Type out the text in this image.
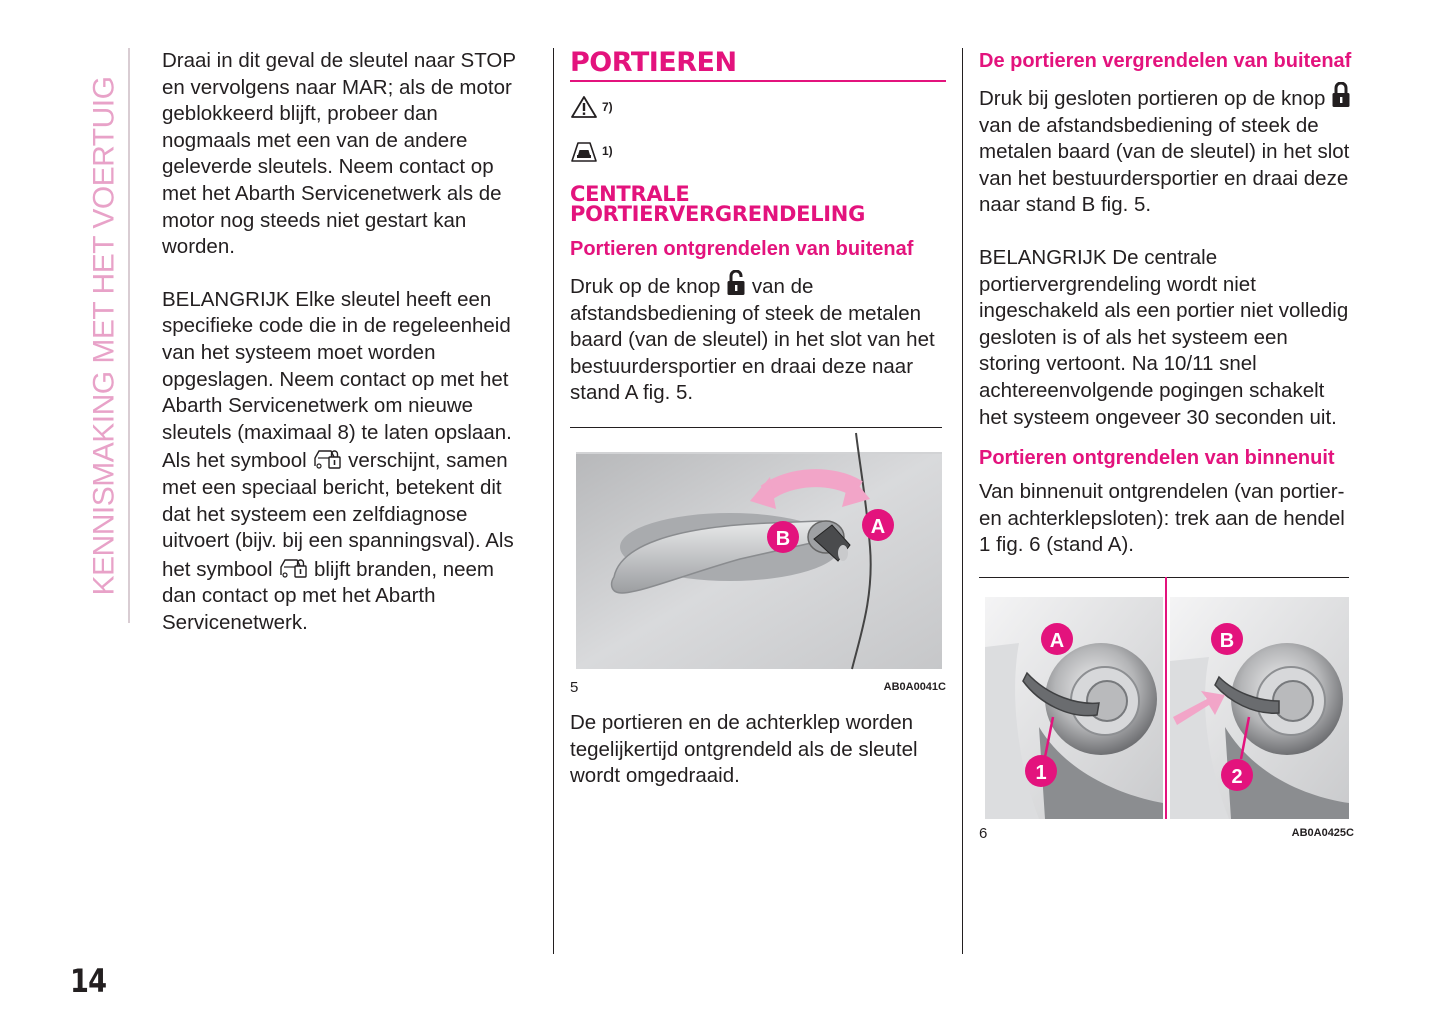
KENNISMAKING MET HET VOERTUIG

Draai in dit geval de sleutel naar STOP en vervolgens naar MAR; als de motor geblokkeerd blijft, probeer dan nogmaals met een van de andere geleverde sleutels. Neem contact op met het Abarth Servicenetwerk als de motor nog steeds niet gestart kan worden.

BELANGRIJK Elke sleutel heeft een specifieke code die in de regeleenheid van het systeem moet worden opgeslagen. Neem contact op met het Abarth Servicenetwerk om nieuwe sleutels (maximaal 8) te laten opslaan. Als het symbool verschijnt, samen met een speciaal bericht, betekent dit dat het systeem een zelfdiagnose uitvoert (bijv. bij een spanningsval). Als het symbool blijft branden, neem dan contact op met het Abarth Servicenetwerk.

PORTIEREN
7)
1)
CENTRALE
PORTIERVERGRENDELING
Portieren ontgrendelen van buitenaf

Druk op de knop van de afstandsbediening of steek de metalen baard (van de sleutel) in het slot van het bestuurdersportier en draai deze naar stand A fig. 5.

B
A
5	AB0A0041C

De portieren en de achterklep worden tegelijkertijd ontgrendeld als de sleutel wordt omgedraaid.

De portieren vergrendelen van buitenaf

Druk bij gesloten portieren op de knop  van de afstandsbediening of steek de metalen baard (van de sleutel) in het slot van het bestuurdersportier en draai deze naar stand B fig. 5.

BELANGRIJK De centrale portiervergrendeling wordt niet ingeschakeld als een portier niet volledig gesloten is of als het systeem een storing vertoont. Na 10/11 snel achtereenvolgende pogingen schakelt het systeem ongeveer 30 seconden uit.

Portieren ontgrendelen van binnenuit

Van binnenuit ontgrendelen (van portier- en achterklepsloten): trek aan de hendel 1 fig. 6 (stand A).

A
1
B
2
6	AB0A0425C
14
